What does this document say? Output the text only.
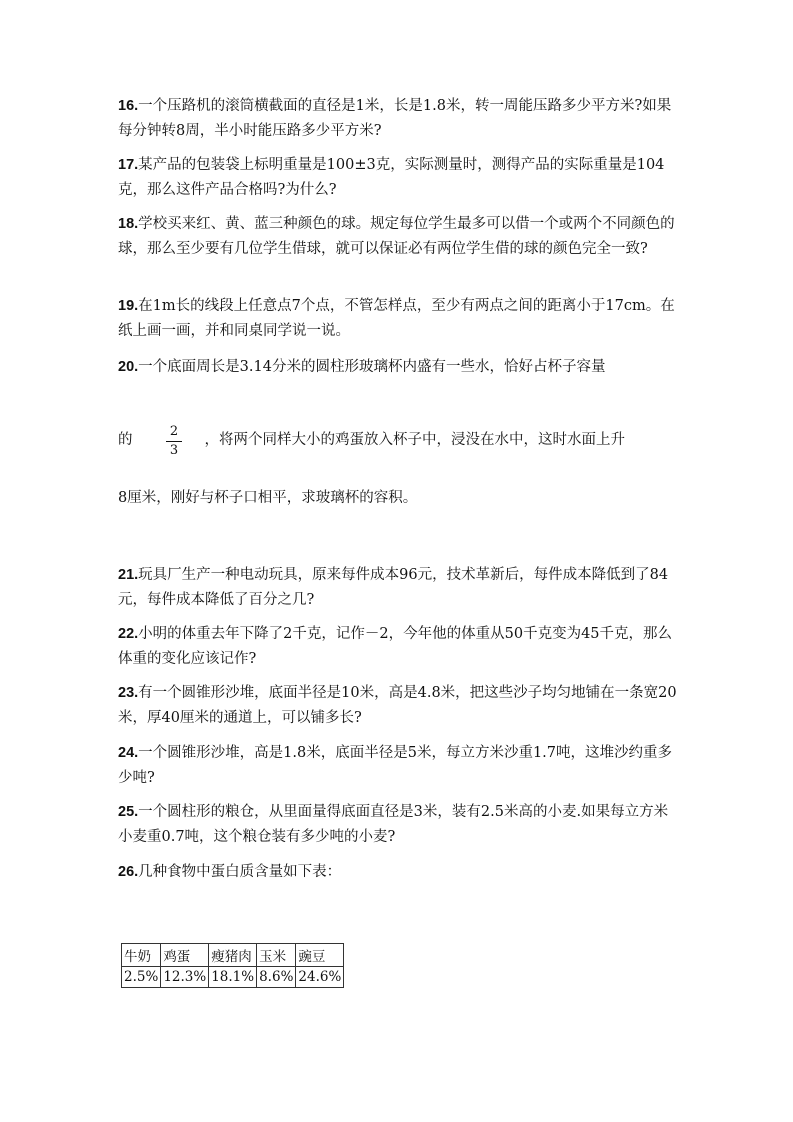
16.一个压路机的滚筒横截面的直径是1米，长是1.8米，转一周能压路多少平方米?如果每分钟转8周，半小时能压路多少平方米?

17.某产品的包装袋上标明重量是100±3克，实际测量时，测得产品的实际重量是104克，那么这件产品合格吗?为什么?

18.学校买来红、黄、蓝三种颜色的球。规定每位学生最多可以借一个或两个不同颜色的球，那么至少要有几位学生借球，就可以保证必有两位学生借的球的颜色完全一致?

19.在1m长的线段上任意点7个点，不管怎样点，至少有两点之间的距离小于17cm。在纸上画一画，并和同桌同学说一说。

20.一个底面周长是3.14分米的圆柱形玻璃杯内盛有一些水，恰好占杯子容量

的	，将两个同样大小的鸡蛋放入杯子中，浸没在水中，这时水面上升

2
3

8厘米，刚好与杯子口相平，求玻璃杯的容积。

21.玩具厂生产一种电动玩具，原来每件成本96元，技术革新后，每件成本降低到了84元，每件成本降低了百分之几?

22.小明的体重去年下降了2千克，记作－2，今年他的体重从50千克变为45千克，那么体重的变化应该记作?

23.有一个圆锥形沙堆，底面半径是10米，高是4.8米，把这些沙子均匀地铺在一条宽20米，厚40厘米的通道上，可以铺多长?

24.一个圆锥形沙堆，高是1.8米，底面半径是5米，每立方米沙重1.7吨，这堆沙约重多少吨?

25.一个圆柱形的粮仓，从里面量得底面直径是3米，装有2.5米高的小麦.如果每立方米小麦重0.7吨，这个粮仓装有多少吨的小麦?

26.几种食物中蛋白质含量如下表：

牛奶	鸡蛋	瘦猪肉	玉米	豌豆
2.5%	12.3%	18.1%	8.6%	24.6%
